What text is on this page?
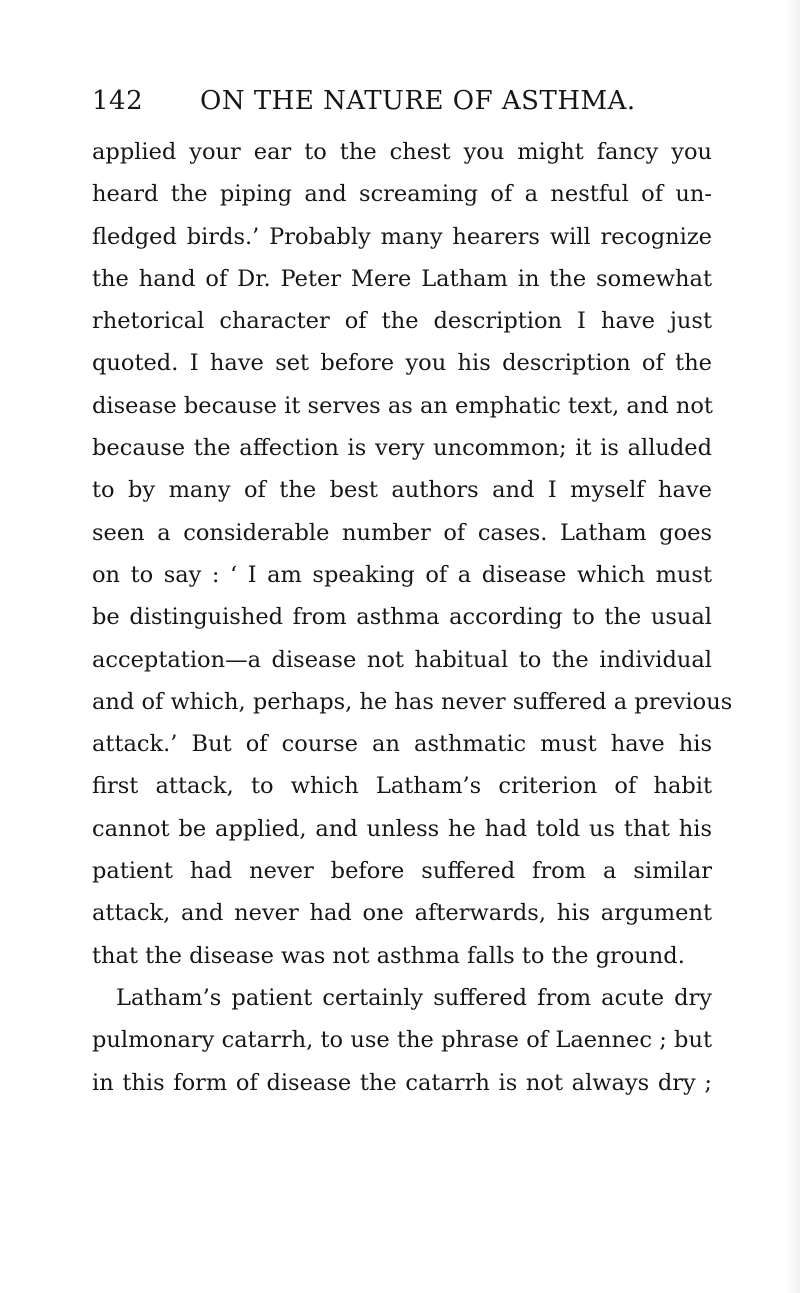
142 ON THE NATURE OF ASTHMA.
applied your ear to the chest you might fancy you
heard the piping and screaming of a nestful of un-
fledged birds.’ Probably many hearers will recognize
the hand of Dr. Peter Mere Latham in the somewhat
rhetorical character of the description I have just
quoted. I have set before you his description of the
disease because it serves as an emphatic text, and not
because the affection is very uncommon; it is alluded
to by many of the best authors and I myself have
seen a considerable number of cases. Latham goes
on to say : ‘ I am speaking of a disease which must
be distinguished from asthma according to the usual
acceptation—a disease not habitual to the individual
and of which, perhaps, he has never suffered a previous
attack.’ But of course an asthmatic must have his
first attack, to which Latham’s criterion of habit
cannot be applied, and unless he had told us that his
patient had never before suffered from a similar
attack, and never had one afterwards, his argument
that the disease was not asthma falls to the ground.
Latham’s patient certainly suffered from acute dry
pulmonary catarrh, to use the phrase of Laennec ; but
in this form of disease the catarrh is not always dry ;
